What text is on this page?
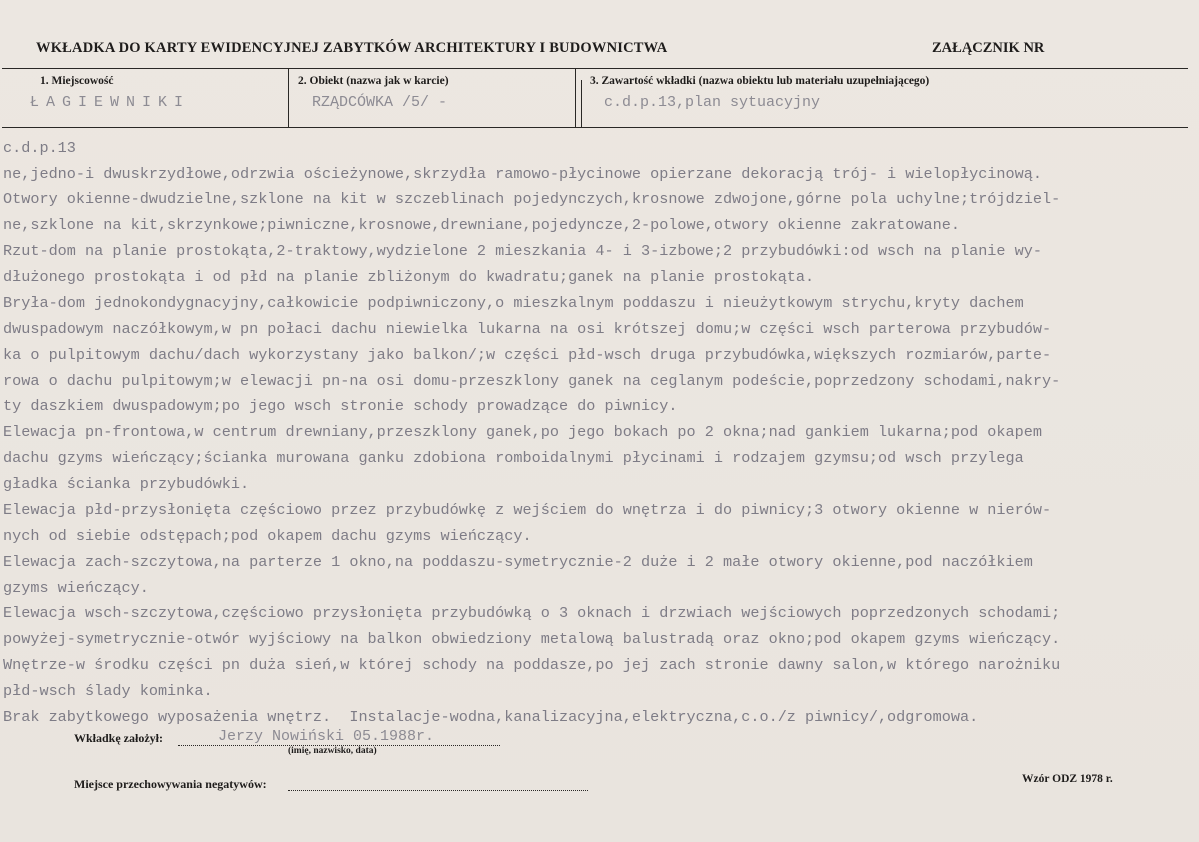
WKŁADKA DO KARTY EWIDENCYJNEJ ZABYTKÓW ARCHITEKTURY I BUDOWNICTWA	ZAŁĄCZNIK NR
1. Miejscowość
ŁAGIEWNIKI
2. Obiekt (nazwa jak w karcie)
RZĄDCÓWKA /5/ -
3. Zawartość wkładki (nazwa obiektu lub materiału uzupełniającego)
c.d.p.13,plan sytuacyjny
c.d.p.13
ne,jedno-i dwuskrzydłowe,odrzwia ościeżynowe,skrzydła ramowo-płycinowe opierzane dekoracją trój- i wielopłycinową.
Otwory okienne-dwudzielne,szklone na kit w szczeblinach pojedynczych,krosnowe zdwojone,górne pola uchylne;trójdziel-
ne,szklone na kit,skrzynkowe;piwniczne,krosnowe,drewniane,pojedyncze,2-polowe,otwory okienne zakratowane.
Rzut-dom na planie prostokąta,2-traktowy,wydzielone 2 mieszkania 4- i 3-izbowe;2 przybudówki:od wsch na planie wy-
dłużonego prostokąta i od płd na planie zbliżonym do kwadratu;ganek na planie prostokąta.
Bryła-dom jednokondygnacyjny,całkowicie podpiwniczony,o mieszkalnym poddaszu i nieużytkowym strychu,kryty dachem
dwuspadowym naczółkowym,w pn połaci dachu niewielka lukarna na osi krótszej domu;w części wsch parterowa przybudów-
ka o pulpitowym dachu/dach wykorzystany jako balkon/;w części płd-wsch druga przybudówka,większych rozmiarów,parte-
rowa o dachu pulpitowym;w elewacji pn-na osi domu-przeszklony ganek na ceglanym podeście,poprzedzony schodami,nakry-
ty daszkiem dwuspadowym;po jego wsch stronie schody prowadzące do piwnicy.
Elewacja pn-frontowa,w centrum drewniany,przeszklony ganek,po jego bokach po 2 okna;nad gankiem lukarna;pod okapem
dachu gzyms wieńczący;ścianka murowana ganku zdobiona romboidalnymi płycinami i rodzajem gzymsu;od wsch przylega
gładka ścianka przybudówki.
Elewacja płd-przysłonięta częściowo przez przybudówkę z wejściem do wnętrza i do piwnicy;3 otwory okienne w nierów-
nych od siebie odstępach;pod okapem dachu gzyms wieńczący.
Elewacja zach-szczytowa,na parterze 1 okno,na poddaszu-symetrycznie-2 duże i 2 małe otwory okienne,pod naczółkiem
gzyms wieńczący.
Elewacja wsch-szczytowa,częściowo przysłonięta przybudówką o 3 oknach i drzwiach wejściowych poprzedzonych schodami;
powyżej-symetrycznie-otwór wyjściowy na balkon obwiedziony metalową balustradą oraz okno;pod okapem gzyms wieńczący.
Wnętrze-w środku części pn duża sień,w której schody na poddasze,po jej zach stronie dawny salon,w którego narożniku
płd-wsch ślady kominka.
Brak zabytkowego wyposażenia wnętrz.  Instalacje-wodna,kanalizacyjna,elektryczna,c.o./z piwnicy/,odgromowa.
Wkładkę założył:	Jerzy Nowiński 05.1988r.
(imię, nazwisko, data)
Miejsce przechowywania negatywów:	Wzór ODZ 1978 r.
